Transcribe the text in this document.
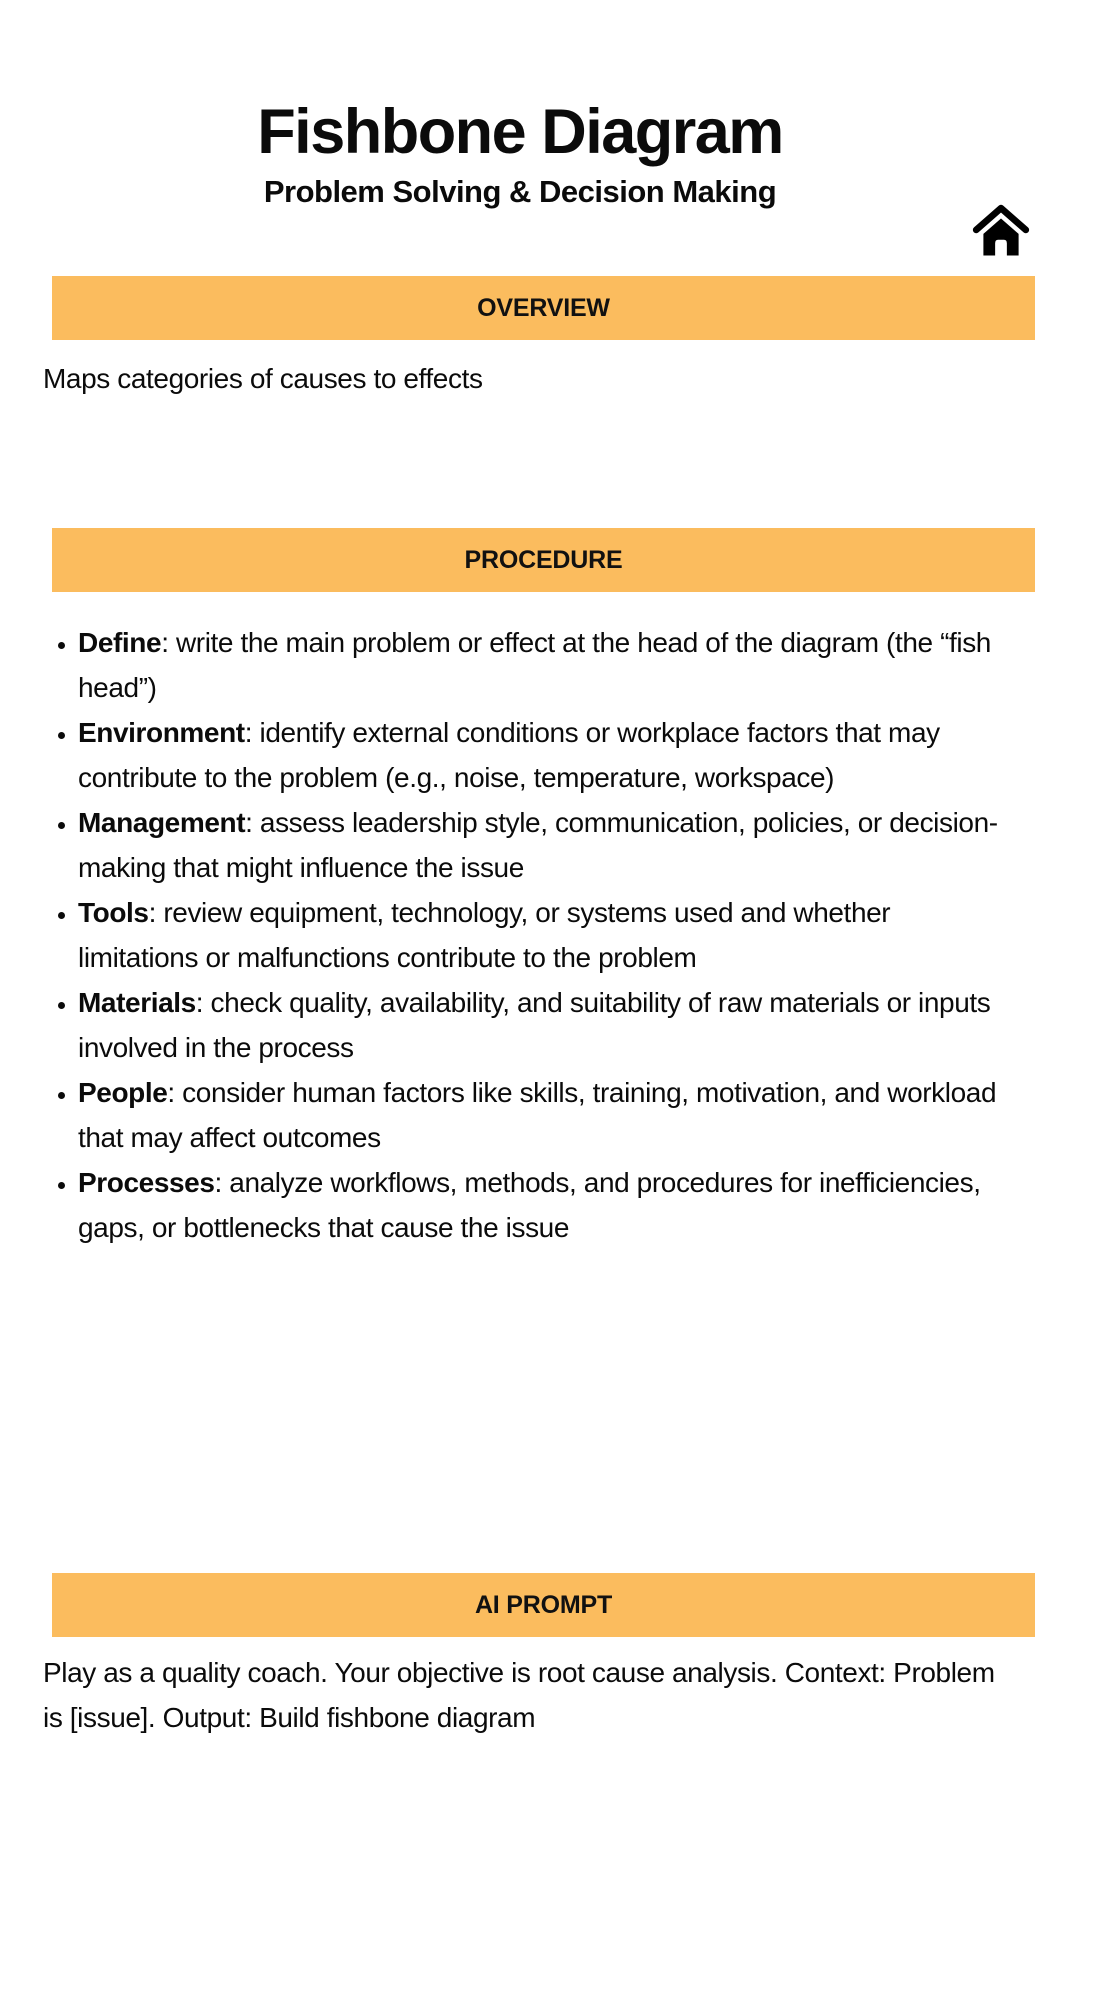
Fishbone Diagram
Problem Solving & Decision Making
OVERVIEW

Maps categories of causes to effects

PROCEDURE
• Define: write the main problem or effect at the head of the diagram (the “fish head”)
• Environment: identify external conditions or workplace factors that may contribute to the problem (e.g., noise, temperature, workspace)
• Management: assess leadership style, communication, policies, or decision-making that might influence the issue
• Tools: review equipment, technology, or systems used and whether limitations or malfunctions contribute to the problem
• Materials: check quality, availability, and suitability of raw materials or inputs involved in the process
• People: consider human factors like skills, training, motivation, and workload that may affect outcomes
• Processes: analyze workflows, methods, and procedures for inefficiencies, gaps, or bottlenecks that cause the issue
AI PROMPT

Play as a quality coach. Your objective is root cause analysis. Context: Problem is [issue]. Output: Build fishbone diagram
